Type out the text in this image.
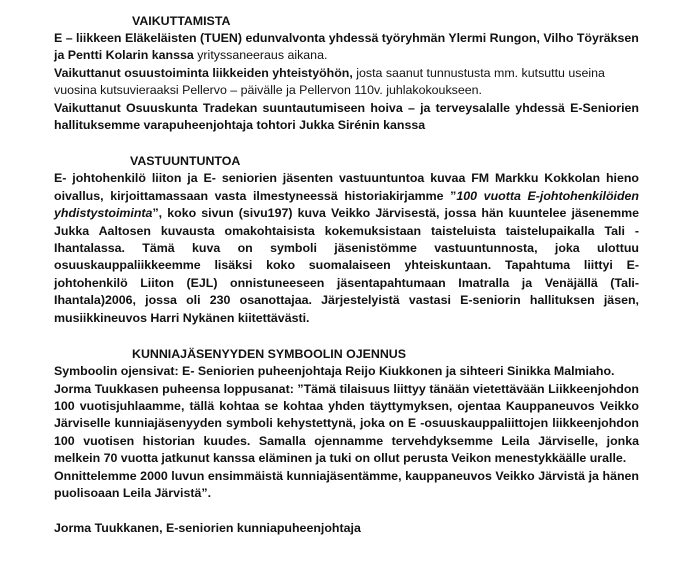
VAIKUTTAMISTA

E – liikkeen Eläkeläisten (TUEN) edunvalvonta yhdessä työryhmän Ylermi Rungon, Vilho Töyräksen ja Pentti Kolarin kanssa yrityssaneeraus aikana.

Vaikuttanut osuustoiminta liikkeiden yhteistyöhön, josta saanut tunnustusta mm. kutsuttu useina vuosina kutsuvieraaksi Pellervo – päivälle ja Pellervon 110v. juhlakokoukseen.

Vaikuttanut Osuuskunta Tradekan suuntautumiseen hoiva – ja terveysalalle yhdessä E-Seniorien hallituksemme varapuheenjohtaja tohtori Jukka Sirénin kanssa

VASTUUNTUNTOA

E- johtohenkilö liiton ja E- seniorien jäsenten vastuuntuntoa kuvaa FM Markku Kokkolan hieno oivallus, kirjoittamassaan vasta ilmestyneessä historiakirjamme ”100 vuotta E-johtohenkilöiden yhdistystoiminta”, koko sivun (sivu197) kuva Veikko Järvisestä, jossa hän kuuntelee jäsenemme Jukka Aaltosen kuvausta omakohtaisista kokemuksistaan taisteluista taistelupaikalla Tali - Ihantalassa. Tämä kuva on symboli jäsenistömme vastuuntunnosta, joka ulottuu osuuskauppaliikkeemme lisäksi koko suomalaiseen yhteiskuntaan. Tapahtuma liittyi E-johtohenkilö Liiton (EJL) onnistuneeseen jäsentapahtumaan Imatralla ja Venäjällä (Tali-Ihantala)2006, jossa oli 230 osanottajaa. Järjestelyistä vastasi E-seniorin hallituksen jäsen, musiikkineuvos Harri Nykänen kiitettävästi.

KUNNIAJÄSENYYDEN SYMBOOLIN OJENNUS

Symboolin ojensivat: E- Seniorien puheenjohtaja Reijo Kiukkonen ja sihteeri Sinikka Malmiaho.

Jorma Tuukkasen puheensa loppusanat: ”Tämä tilaisuus liittyy tänään vietettävään Liikkeenjohdon 100 vuotisjuhlaamme, tällä kohtaa se kohtaa yhden täyttymyksen, ojentaa Kauppaneuvos Veikko Järviselle kunniajäsenyyden symboli kehystettynä, joka on E -osuuskauppaliittojen liikkeenjohdon 100 vuotisen historian kuudes. Samalla ojennamme tervehdyksemme Leila Järviselle, jonka melkein 70 vuotta jatkunut kanssa eläminen ja tuki on ollut perusta Veikon menestykkäälle uralle.

Onnittelemme 2000 luvun ensimmäistä kunniajäsentämme, kauppaneuvos Veikko Järvistä ja hänen puolisoaan Leila Järvistä”.

Jorma Tuukkanen, E-seniorien kunniapuheenjohtaja
